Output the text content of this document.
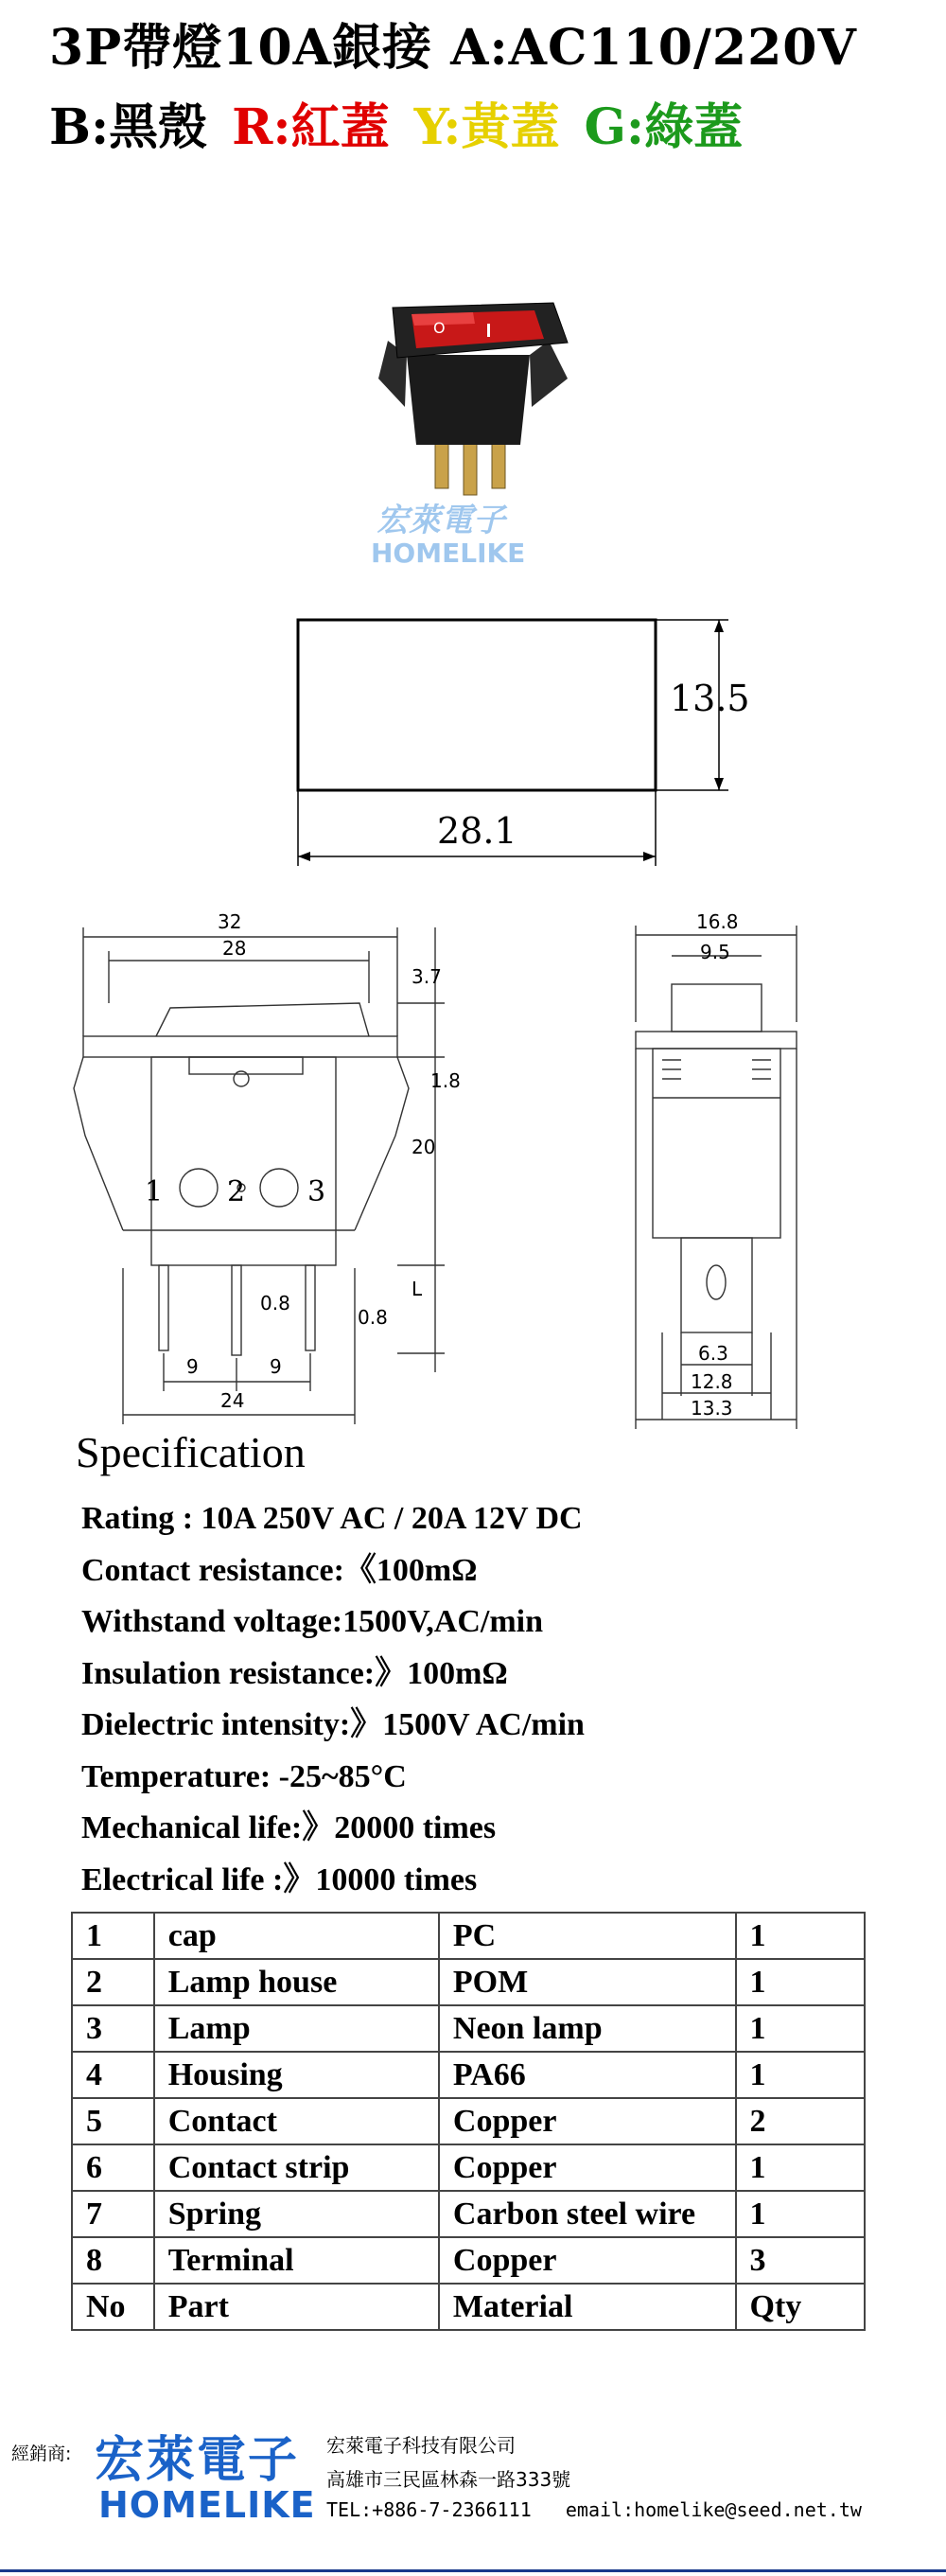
3P帶燈10A銀接 A:AC110/220V
B:黑殼 R:紅蓋 Y:黃蓋 G:綠蓋
O
宏萊電子
HOMELIKE
13.5
28.1
32
28
3.7
1.8
20
L
1 2 3
0.8
0.8
9	9
24
16.8
9.5
6.3
12.8
13.3
Specification
Rating : 10A 250V AC / 20A 12V DC
Contact resistance:《100mΩ
Withstand voltage:1500V,AC/min
Insulation resistance:》100mΩ
Dielectric intensity:》1500V AC/min
Temperature: -25~85°C
Mechanical life:》20000 times
Electrical life :》10000 times
1	cap	PC	1
2	Lamp house	POM	1
3	Lamp	Neon lamp	1
4	Housing	PA66	1
5	Contact	Copper	2
6	Contact strip	Copper	1
7	Spring	Carbon steel wire	1
8	Terminal	Copper	3
No	Part	Material	Qty
經銷商: 宏萊電子
HOMELIKE
宏萊電子科技有限公司
高雄市三民區林森一路333號
TEL:+886-7-2366111   email:homelike@seed.net.tw
